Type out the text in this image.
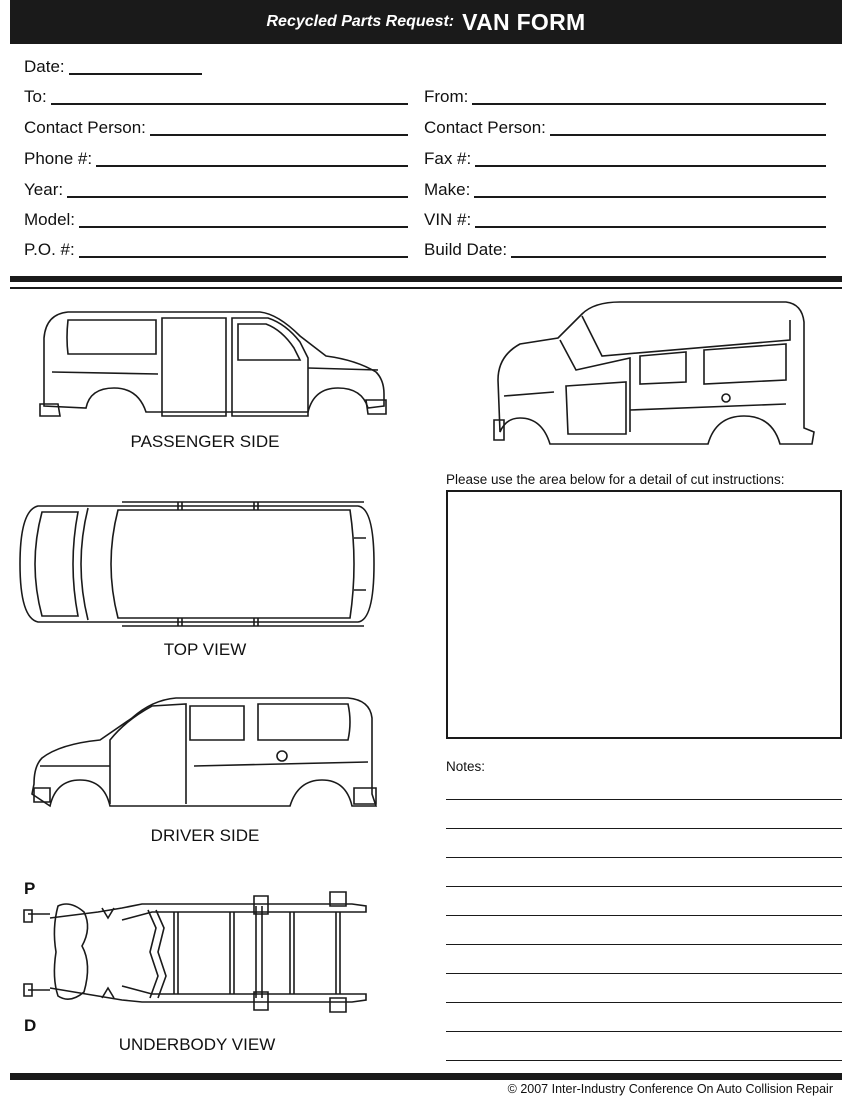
Recycled Parts Request: VAN FORM
Date:
To:	From:
Contact Person:	Contact Person:
Phone #:	Fax #:
Year:	Make:
Model:	VIN #:
P.O. #:	Build Date:
PASSENGER SIDE
TOP VIEW
DRIVER SIDE
P
D
UNDERBODY VIEW
Please use the area below for a detail of cut instructions:
Notes:
© 2007 Inter-Industry Conference On Auto Collision Repair
